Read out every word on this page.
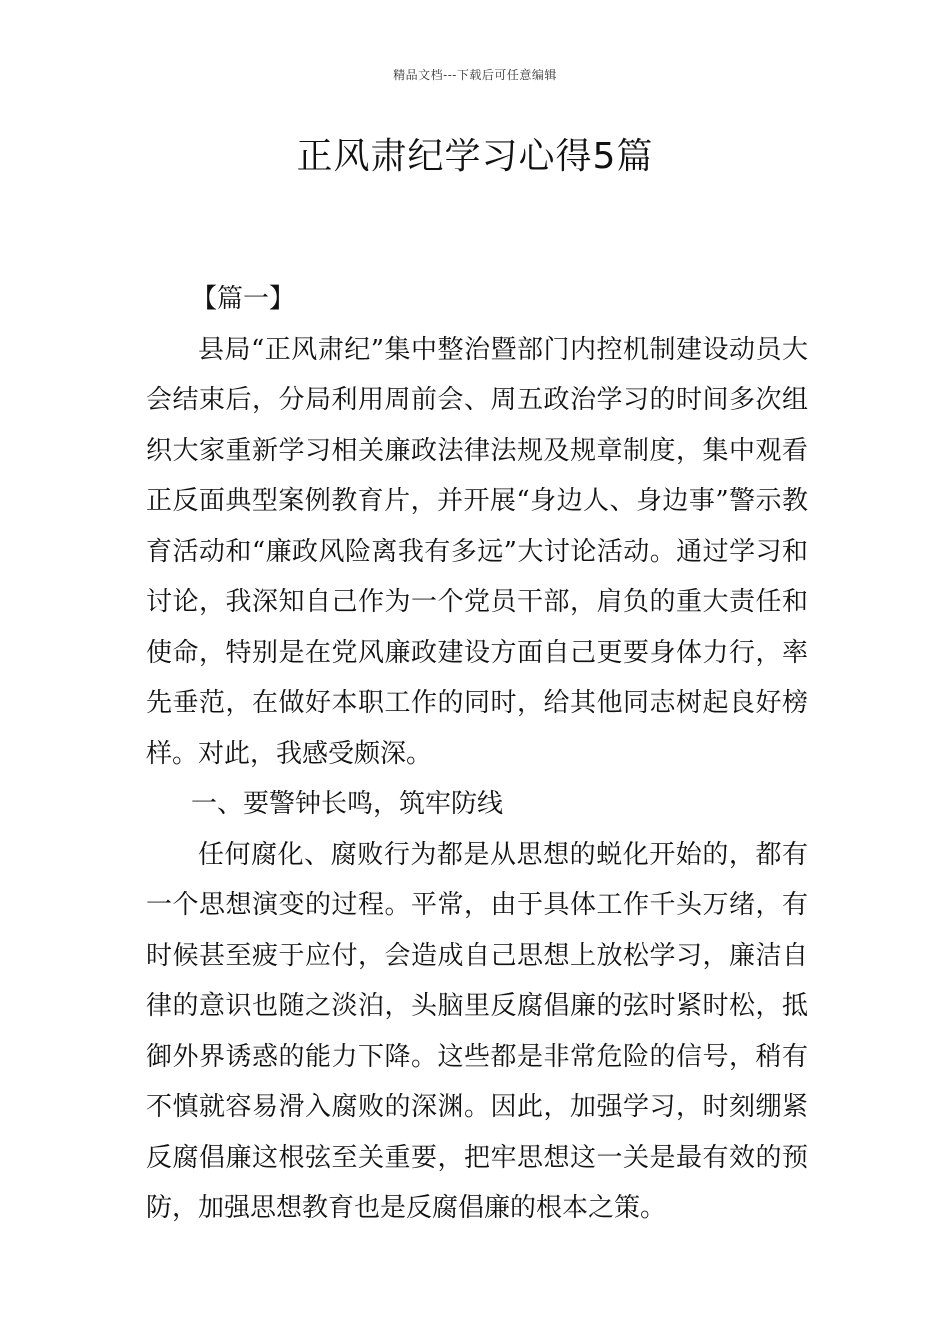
精品文档---下载后可任意编辑
正风肃纪学习心得5篇

【篇一】

县局“正风肃纪”集中整治暨部门内控机制建设动员大会结束后，分局利用周前会、周五政治学习的时间多次组织大家重新学习相关廉政法律法规及规章制度，集中观看正反面典型案例教育片，并开展“身边人、身边事”警示教育活动和“廉政风险离我有多远”大讨论活动。通过学习和讨论，我深知自己作为一个党员干部，肩负的重大责任和使命，特别是在党风廉政建设方面自己更要身体力行，率先垂范，在做好本职工作的同时，给其他同志树起良好榜样。对此，我感受颇深。

一、要警钟长鸣，筑牢防线

任何腐化、腐败行为都是从思想的蜕化开始的，都有一个思想演变的过程。平常，由于具体工作千头万绪，有时候甚至疲于应付，会造成自己思想上放松学习，廉洁自律的意识也随之淡泊，头脑里反腐倡廉的弦时紧时松，抵御外界诱惑的能力下降。这些都是非常危险的信号，稍有不慎就容易滑入腐败的深渊。因此，加强学习，时刻绷紧反腐倡廉这根弦至关重要，把牢思想这一关是最有效的预防，加强思想教育也是反腐倡廉的根本之策。
